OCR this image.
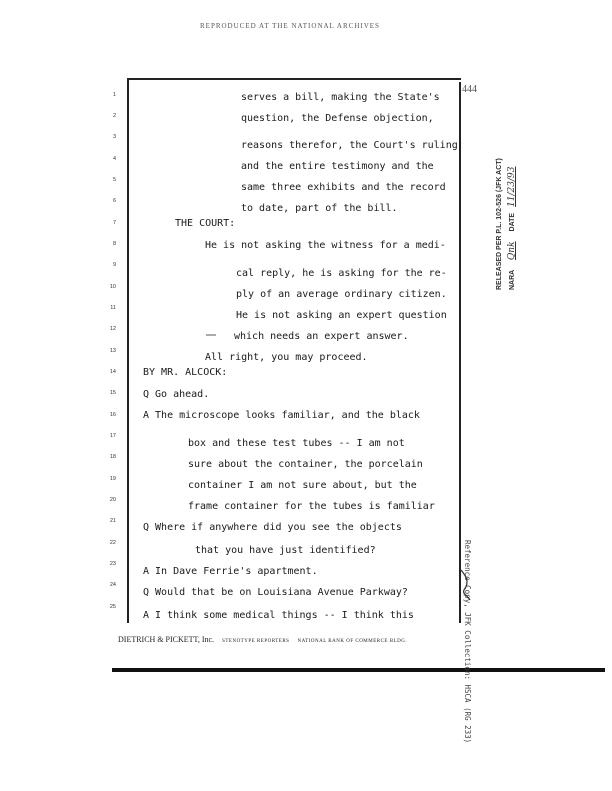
REPRODUCED AT THE NATIONAL ARCHIVES
444
1	serves a bill, making the State's
2	question, the Defense objection,
3
reasons therefor, the Court's ruling
4
and the entire testimony and the
5
same three exhibits and the record
6
to date, part of the bill.
7	THE COURT:
8	He is not asking the witness for a medi-
9
cal reply, he is asking for the re-
10
ply of an average ordinary citizen.
11
He is not asking an expert question
12
which needs an expert answer.
13
All right, you may proceed.
14	BY MR. ALCOCK:
15	Q Go ahead.
16	A The microscope looks familiar, and the black
17
box and these test tubes -- I am not
18
sure about the container, the porcelain
19
container I am not sure about, but the
20
frame container for the tubes is familiar
21
Q Where if anywhere did you see the objects
22
that you have just identified?
23
A In Dave Ferrie's apartment.
24
Q Would that be on Louisiana Avenue Parkway?
25
A I think some medical things -- I think this
DIETRICH & PICKETT, Inc. STENOTYPE REPORTERS NATIONAL BANK OF COMMERCE BLDG.
RELEASED PER P.L. 102-526 (JFK ACT) NARA Qnk DATE 11/23/93
Reference Copy, JFK Collection: HSCA (RG 233)
